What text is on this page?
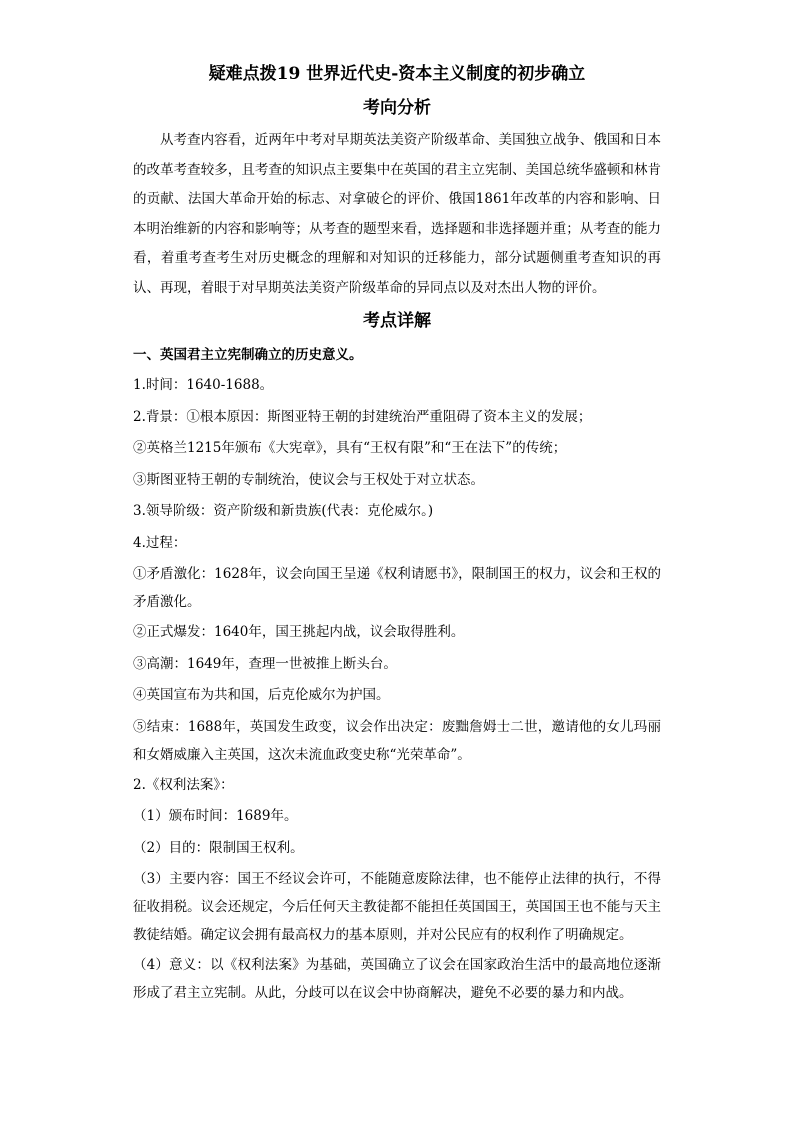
疑难点拨19 世界近代史-资本主义制度的初步确立
考向分析
从考查内容看，近两年中考对早期英法美资产阶级革命、美国独立战争、俄国和日本的改革考查较多，且考查的知识点主要集中在英国的君主立宪制、美国总统华盛顿和林肯的贡献、法国大革命开始的标志、对拿破仑的评价、俄国1861年改革的内容和影响、日本明治维新的内容和影响等；从考查的题型来看，选择题和非选择题并重；从考查的能力看，着重考查考生对历史概念的理解和对知识的迁移能力，部分试题侧重考查知识的再认、再现，着眼于对早期英法美资产阶级革命的异同点以及对杰出人物的评价。
考点详解
一、英国君主立宪制确立的历史意义。
1.时间：1640-1688。
2.背景：①根本原因：斯图亚特王朝的封建统治严重阻碍了资本主义的发展；
②英格兰1215年颁布《大宪章》，具有“王权有限”和“王在法下”的传统；
③斯图亚特王朝的专制统治，使议会与王权处于对立状态。
3.领导阶级：资产阶级和新贵族(代表：克伦威尔。)
4.过程：
①矛盾激化：1628年，议会向国王呈递《权利请愿书》，限制国王的权力，议会和王权的矛盾激化。
②正式爆发：1640年，国王挑起内战，议会取得胜利。
③高潮：1649年，查理一世被推上断头台。
④英国宣布为共和国，后克伦威尔为护国。
⑤结束：1688年，英国发生政变，议会作出决定：废黜詹姆士二世，邀请他的女儿玛丽和女婿威廉入主英国，这次未流血政变史称“光荣革命”。
2.《权利法案》：
（1）颁布时间：1689年。
（2）目的：限制国王权利。
（3）主要内容：国王不经议会许可，不能随意废除法律，也不能停止法律的执行，不得征收捐税。议会还规定，今后任何天主教徒都不能担任英国国王，英国国王也不能与天主教徒结婚。确定议会拥有最高权力的基本原则，并对公民应有的权利作了明确规定。
（4）意义：以《权利法案》为基础，英国确立了议会在国家政治生活中的最高地位逐渐形成了君主立宪制。从此，分歧可以在议会中协商解决，避免不必要的暴力和内战。
